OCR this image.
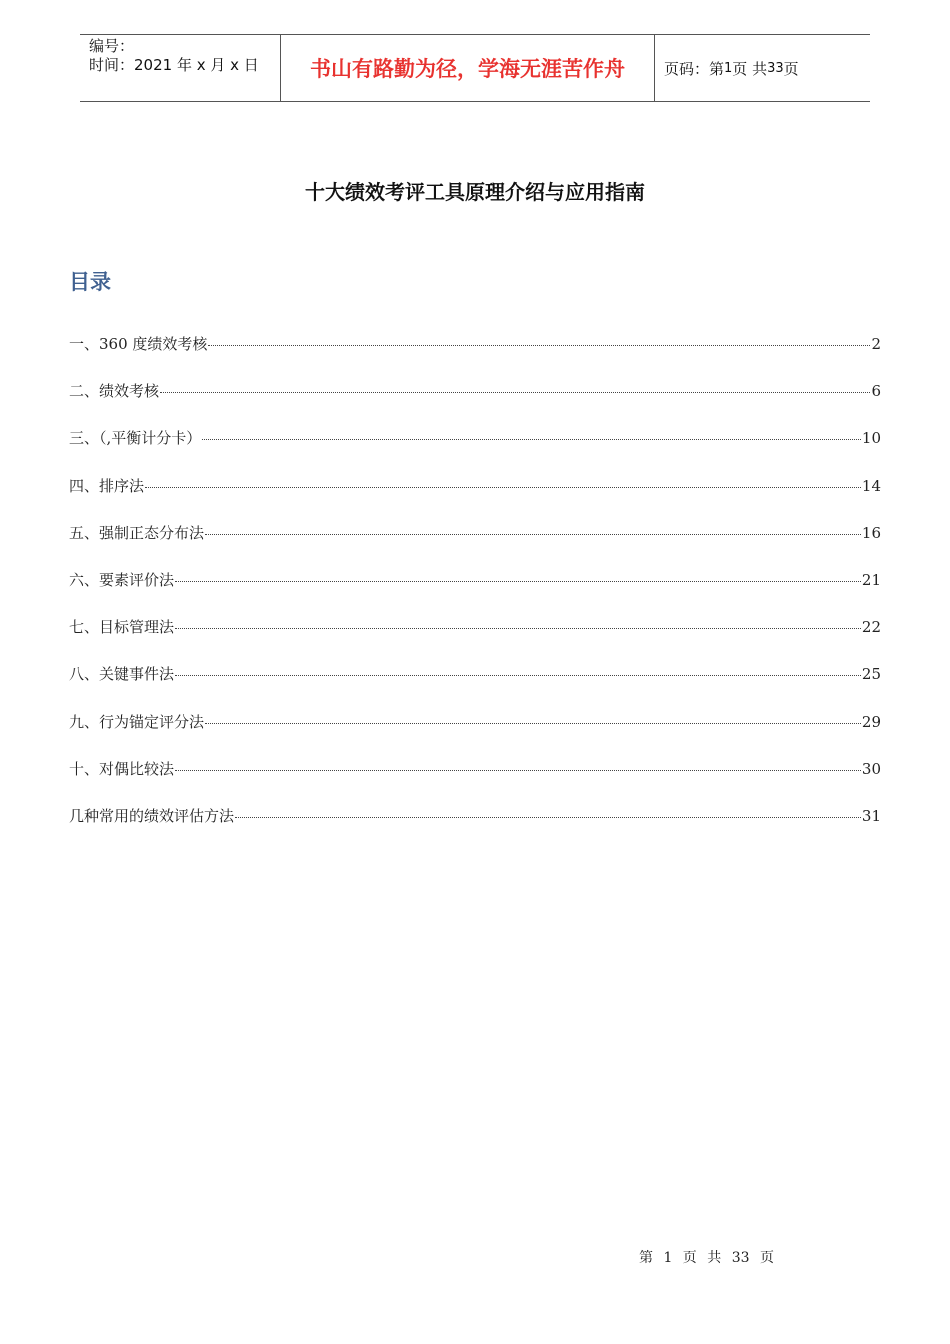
编号：
时间：2021 年 x 月 x 日	书山有路勤为径，学海无涯苦作舟	页码：第 1 页 共 33 页
十大绩效考评工具原理介绍与应用指南
目录
一、360 度绩效考核	2
二、绩效考核	6
三、（,平衡计分卡）	10
四、排序法	14
五、强制正态分布法	16
六、要素评价法	21
七、目标管理法	22
八、关键事件法	25
九、行为锚定评分法	29
十、对偶比较法	30
几种常用的绩效评估方法	31
第 1 页 共 33 页
